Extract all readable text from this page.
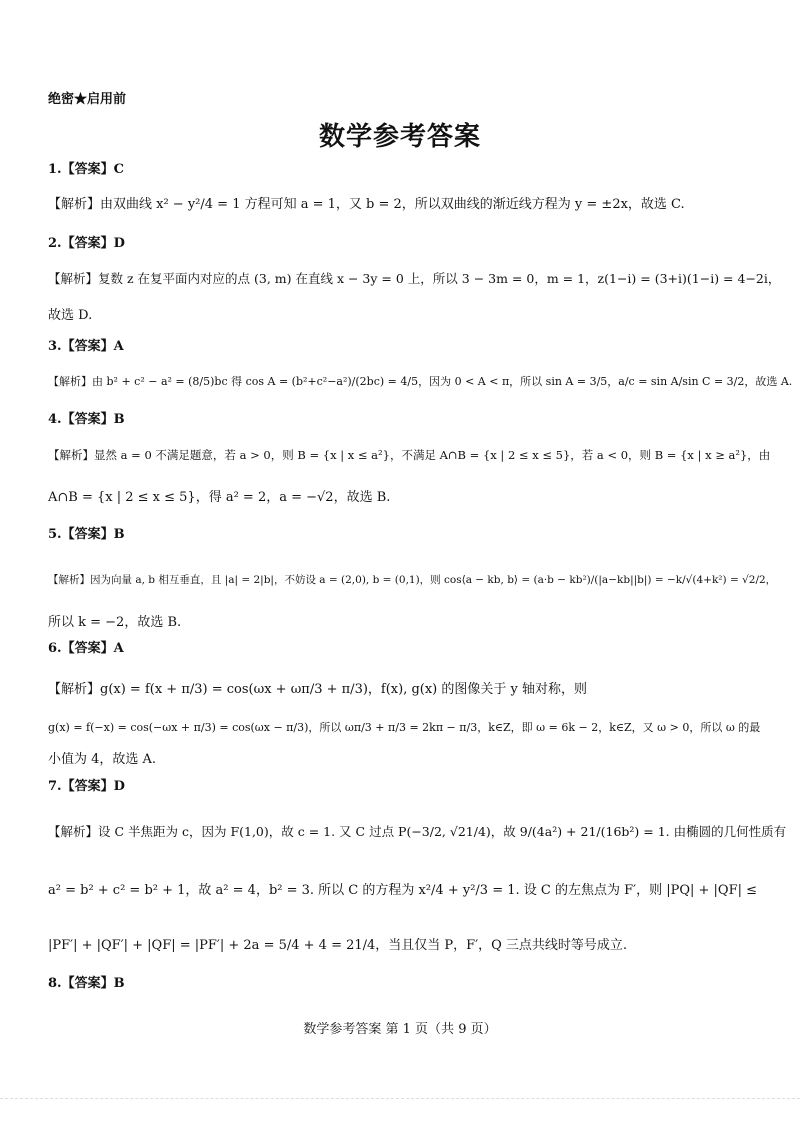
绝密★启用前
数学参考答案
1.【答案】C
【解析】由双曲线 x² − y²/4 = 1 方程可知 a = 1，又 b = 2，所以双曲线的渐近线方程为 y = ±2x，故选 C.
2.【答案】D
【解析】复数 z 在复平面内对应的点 (3, m) 在直线 x − 3y = 0 上，所以 3 − 3m = 0，m = 1，z(1−i) = (3+i)(1−i) = 4−2i，
故选 D.
3.【答案】A
【解析】由 b² + c² − a² = (8/5)bc 得 cos A = (b²+c²−a²)/(2bc) = 4/5，因为 0 < A < π，所以 sin A = 3/5，a/c = sin A/sin C = 3/2，故选 A.
4.【答案】B
【解析】显然 a = 0 不满足题意，若 a > 0，则 B = {x | x ≤ a²}，不满足 A∩B = {x | 2 ≤ x ≤ 5}，若 a < 0，则 B = {x | x ≥ a²}，由
A∩B = {x | 2 ≤ x ≤ 5}，得 a² = 2，a = −√2，故选 B.
5.【答案】B
【解析】因为向量 a, b 相互垂直，且 |a| = 2|b|，不妨设 a = (2,0), b = (0,1)，则 cos⟨a − kb, b⟩ = (a·b − kb²)/(|a−kb||b|) = −k/√(4+k²) = √2/2，
所以 k = −2，故选 B.
6.【答案】A
【解析】g(x) = f(x + π/3) = cos(ωx + ωπ/3 + π/3)，f(x), g(x) 的图像关于 y 轴对称，则
g(x) = f(−x) = cos(−ωx + π/3) = cos(ωx − π/3)，所以 ωπ/3 + π/3 = 2kπ − π/3，k∈Z，即 ω = 6k − 2，k∈Z，又 ω > 0，所以 ω 的最
小值为 4，故选 A.
7.【答案】D
【解析】设 C 半焦距为 c，因为 F(1,0)，故 c = 1. 又 C 过点 P(−3/2, √21/4)，故 9/(4a²) + 21/(16b²) = 1. 由椭圆的几何性质有
a² = b² + c² = b² + 1，故 a² = 4，b² = 3. 所以 C 的方程为 x²/4 + y²/3 = 1. 设 C 的左焦点为 F′，则 |PQ| + |QF| ≤
|PF′| + |QF′| + |QF| = |PF′| + 2a = 5/4 + 4 = 21/4，当且仅当 P，F′，Q 三点共线时等号成立.
8.【答案】B
数学参考答案 第 1 页（共 9 页）
